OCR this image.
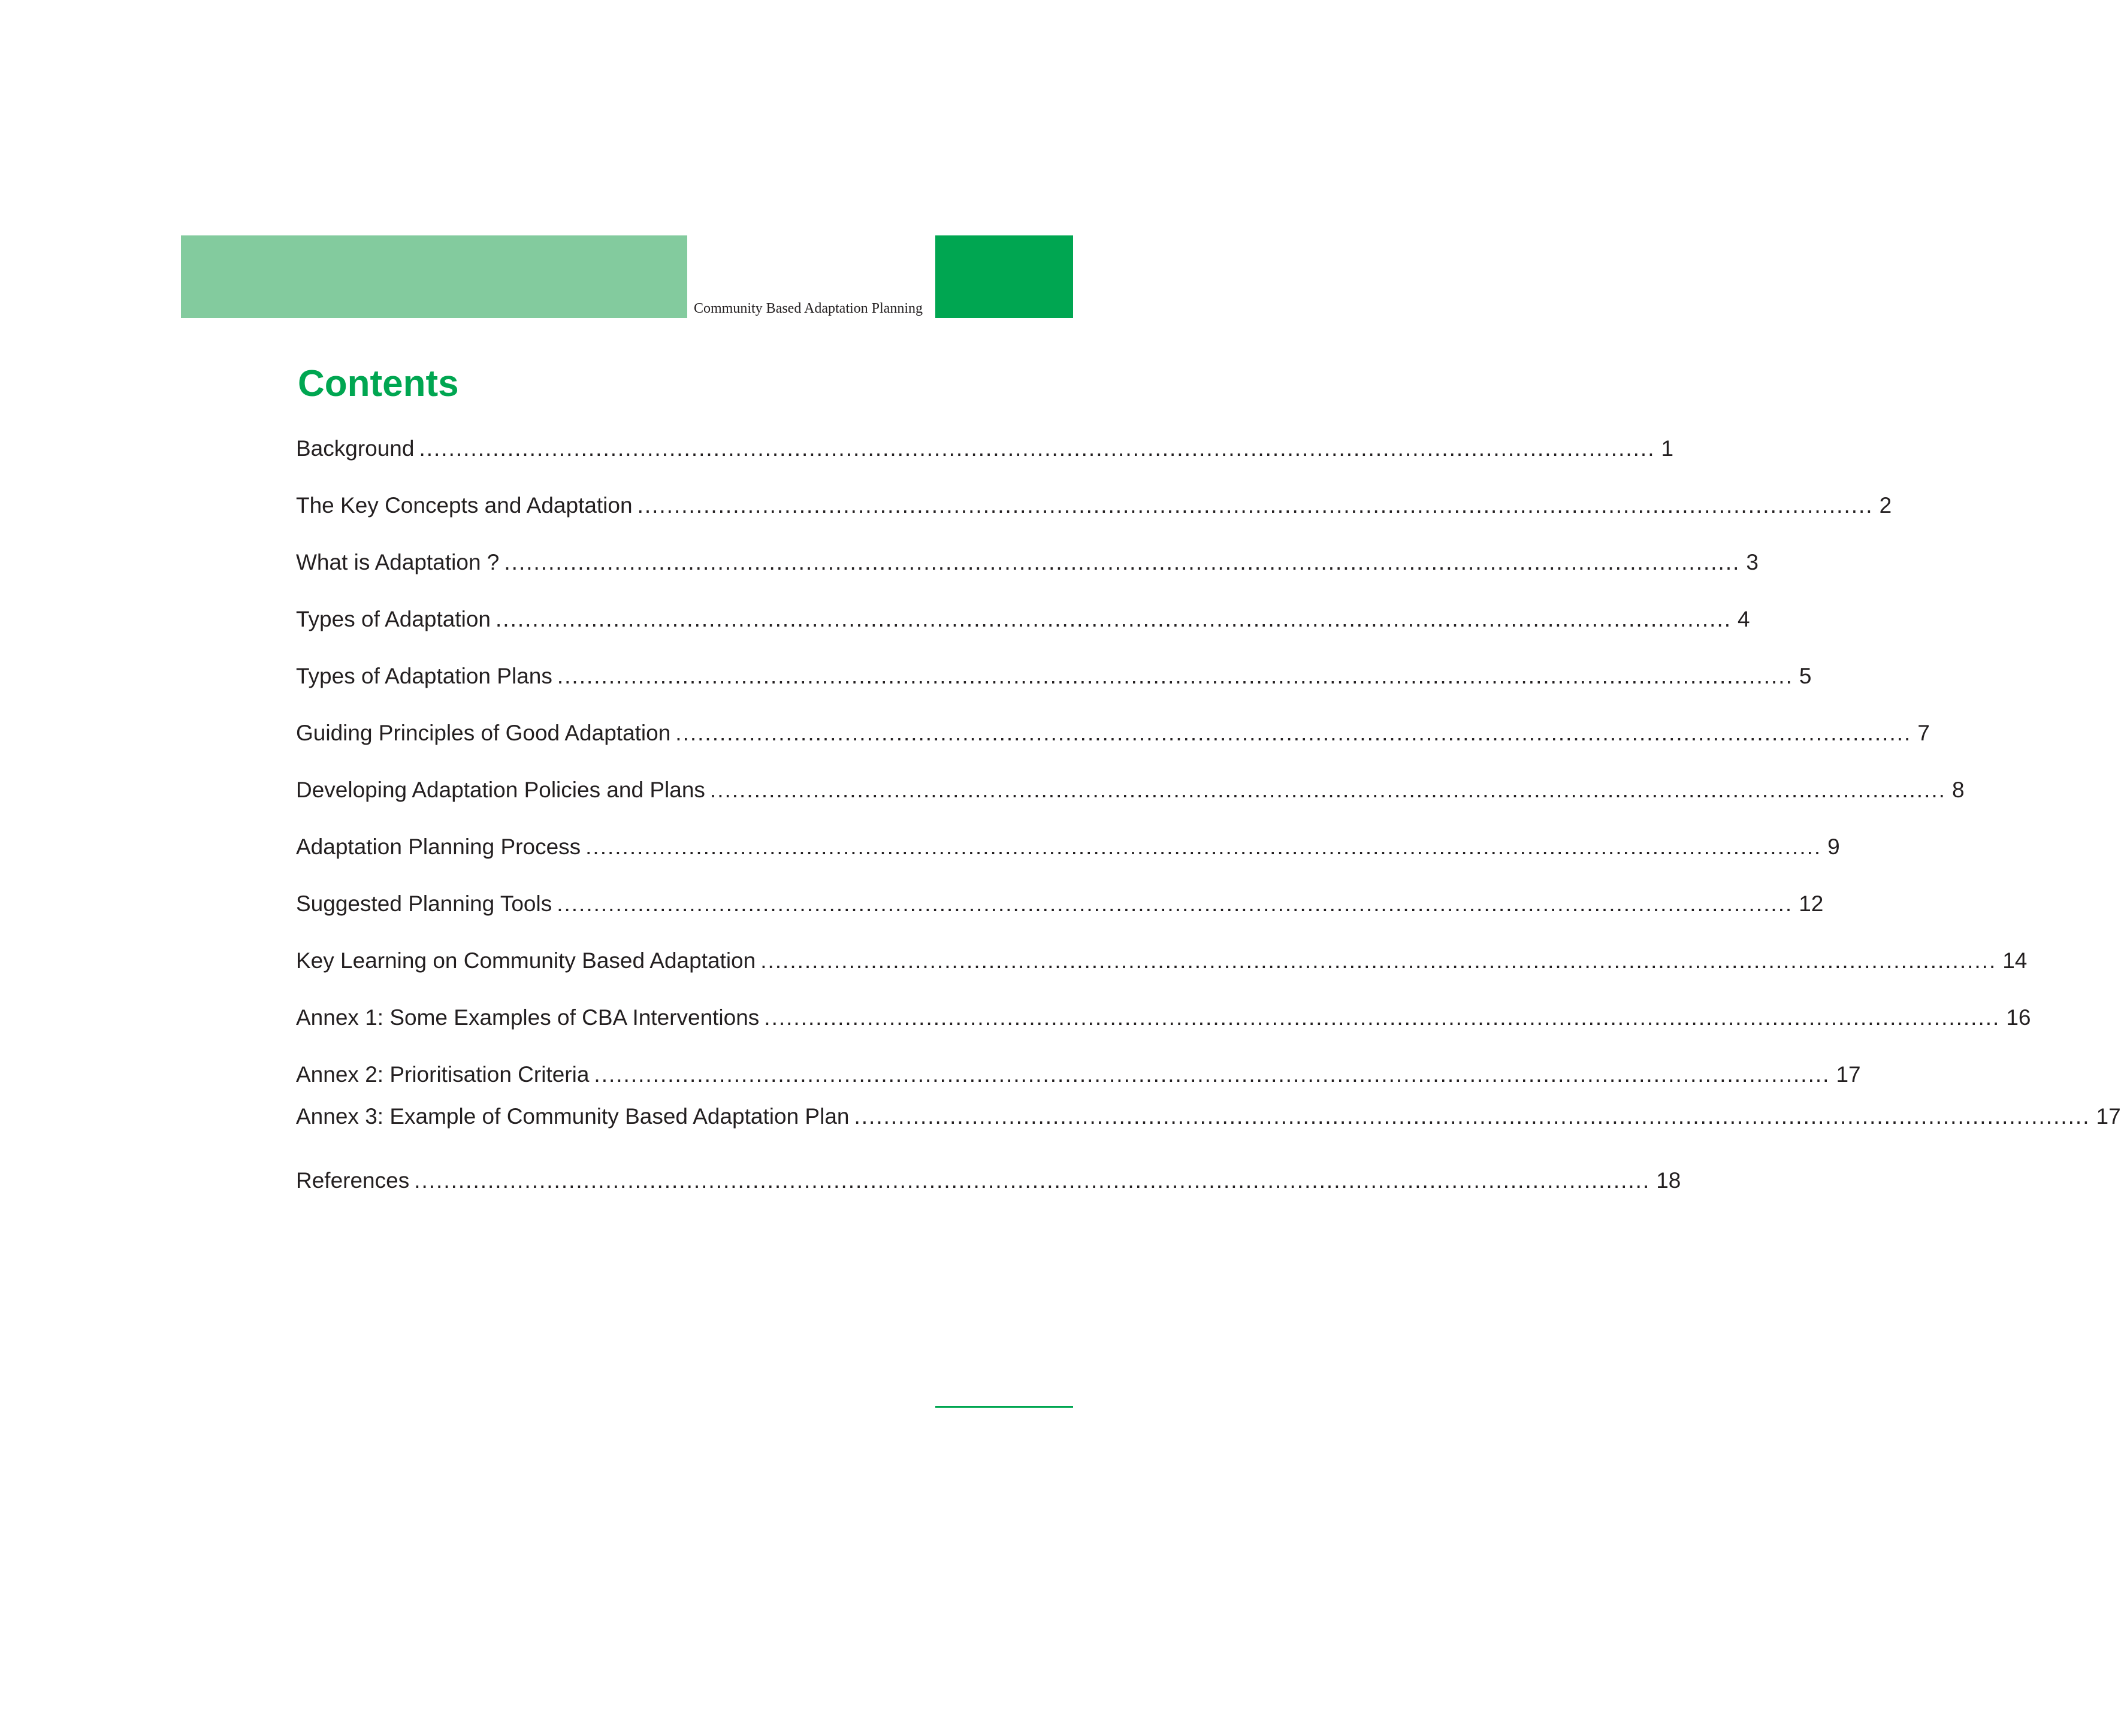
Community Based Adaptation Planning
Contents
Background ........................................................................................................................................................................ 1
The Key Concepts and Adaptation ........................................................................................................................................................................ 2
What is Adaptation ? ........................................................................................................................................................................ 3
Types of Adaptation ........................................................................................................................................................................ 4
Types of Adaptation Plans ........................................................................................................................................................................ 5
Guiding Principles of Good Adaptation ........................................................................................................................................................................ 7
Developing Adaptation Policies and Plans ........................................................................................................................................................................ 8
Adaptation Planning Process ........................................................................................................................................................................ 9
Suggested Planning Tools ........................................................................................................................................................................ 12
Key Learning on Community Based Adaptation ........................................................................................................................................................................ 14
Annex 1: Some Examples of CBA Interventions ........................................................................................................................................................................ 16
Annex 2: Prioritisation Criteria ........................................................................................................................................................................ 17
Annex 3: Example of Community Based Adaptation Plan ........................................................................................................................................................................ 17
References ........................................................................................................................................................................ 18
